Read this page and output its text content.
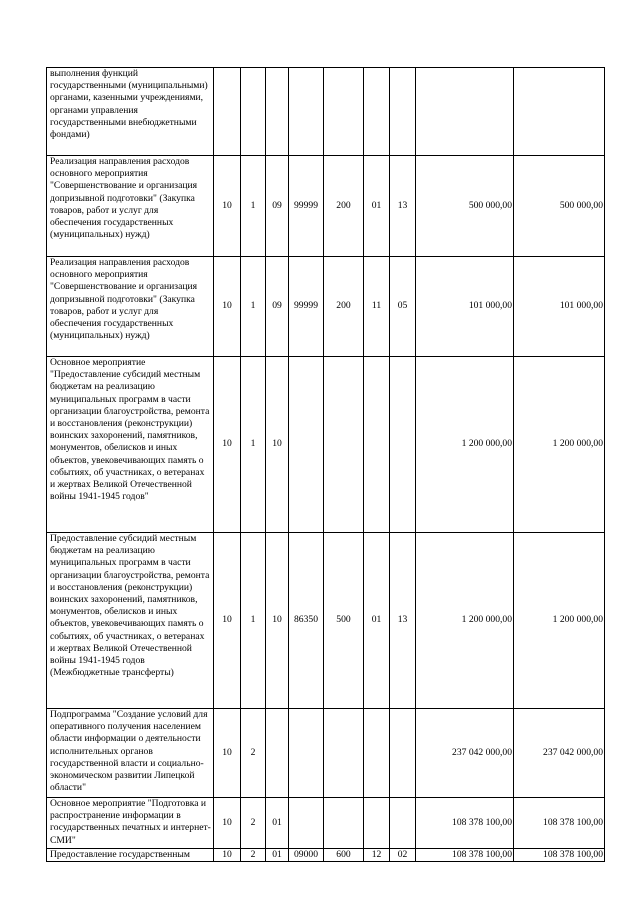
выполнения функций государственными (муниципальными) органами, казенными учреждениями, органами управления государственными внебюджетными фондами)									
Реализация направления расходов основного мероприятия "Совершенствование и организация допризывной подготовки" (Закупка товаров, работ и услуг для обеспечения государственных (муниципальных) нужд)	10	1	09	99999	200	01	13	500 000,00	500 000,00
Реализация направления расходов основного мероприятия "Совершенствование и организация допризывной подготовки" (Закупка товаров, работ и услуг для обеспечения государственных (муниципальных) нужд)	10	1	09	99999	200	11	05	101 000,00	101 000,00
Основное мероприятие "Предоставление субсидий местным бюджетам на реализацию муниципальных программ в части организации благоустройства, ремонта и восстановления (реконструкции) воинских захоронений, памятников, монументов, обелисков и иных объектов, увековечивающих память о событиях, об участниках, о ветеранах и жертвах Великой Отечественной войны 1941-1945 годов"	10	1	10					1 200 000,00	1 200 000,00
Предоставление субсидий местным бюджетам на реализацию муниципальных программ в части организации благоустройства, ремонта и восстановления (реконструкции) воинских захоронений, памятников, монументов, обелисков и иных объектов, увековечивающих память о событиях, об участниках, о ветеранах и жертвах Великой Отечественной войны 1941-1945 годов (Межбюджетные трансферты)	10	1	10	86350	500	01	13	1 200 000,00	1 200 000,00
Подпрограмма "Создание условий для оперативного получения населением области информации о деятельности исполнительных органов государственной власти и социально-экономическом развитии Липецкой области"	10	2						237 042 000,00	237 042 000,00
Основное мероприятие "Подготовка и распространение информации в государственных печатных и интернет-СМИ"	10	2	01					108 378 100,00	108 378 100,00
Предоставление государственным	10	2	01	09000	600	12	02	108 378 100,00	108 378 100,00
